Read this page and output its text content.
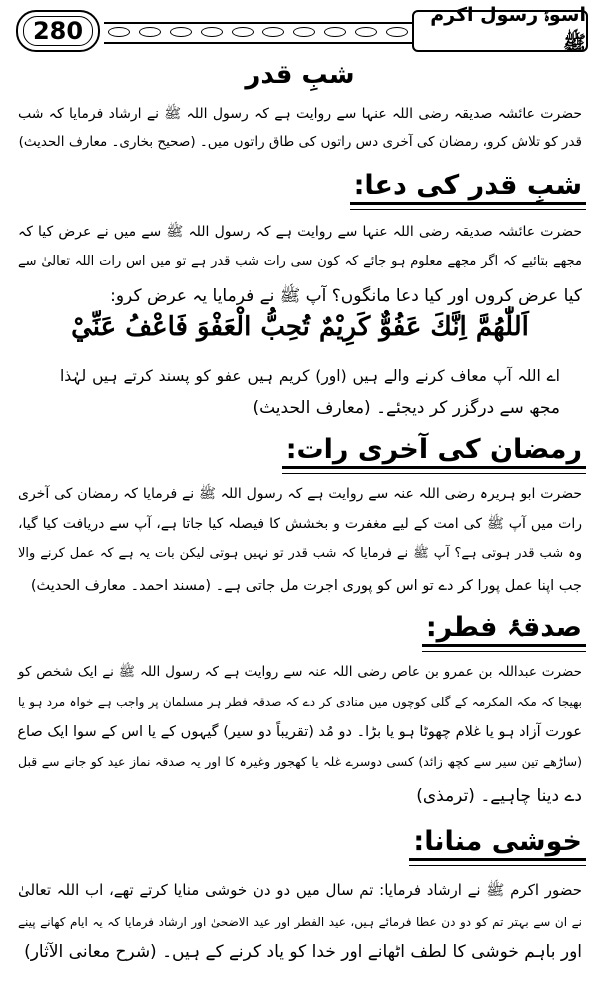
280
اسوۂ رسول اکرم ﷺ
شبِ قدر
حضرت عائشہ صدیقہ رضی اللہ عنہا سے روایت ہے کہ رسول اللہ ﷺ نے ارشاد فرمایا کہ شب
قدر کو تلاش کرو، رمضان کی آخری دس راتوں کی طاق راتوں میں۔ (صحیح بخاری۔ معارف الحدیث)
شبِ قدر کی دعا:
حضرت عائشہ صدیقہ رضی اللہ عنہا سے روایت ہے کہ رسول اللہ ﷺ سے میں نے عرض کیا کہ
مجھے بتائیے کہ اگر مجھے معلوم ہو جائے کہ کون سی رات شب قدر ہے تو میں اس رات اللہ تعالیٰ سے
کیا عرض کروں اور کیا دعا مانگوں؟ آپ ﷺ نے فرمایا یہ عرض کرو:
اَللّٰهُمَّ اِنَّكَ عَفُوٌّ كَرِيْمٌ تُحِبُّ الْعَفْوَ فَاعْفُ عَنِّيْ
اے اللہ آپ معاف کرنے والے ہیں (اور) کریم ہیں عفو کو پسند کرتے ہیں لہٰذا
مجھ سے درگزر کر دیجئے۔ (معارف الحدیث)
رمضان کی آخری رات:
حضرت ابو ہریرہ رضی اللہ عنہ سے روایت ہے کہ رسول اللہ ﷺ نے فرمایا کہ رمضان کی آخری
رات میں آپ ﷺ کی امت کے لیے مغفرت و بخشش کا فیصلہ کیا جاتا ہے، آپ سے دریافت کیا گیا،
وہ شب قدر ہوتی ہے؟ آپ ﷺ نے فرمایا کہ شب قدر تو نہیں ہوتی لیکن بات یہ ہے کہ عمل کرنے والا
جب اپنا عمل پورا کر دے تو اس کو پوری اجرت مل جاتی ہے۔ (مسند احمد۔ معارف الحدیث)
صدقۂ فطر:
حضرت عبداللہ بن عمرو بن عاص رضی اللہ عنہ سے روایت ہے کہ رسول اللہ ﷺ نے ایک شخص کو
بھیجا کہ مکہ المکرمہ کے گلی کوچوں میں منادی کر دے کہ صدقہ فطر ہر مسلمان پر واجب ہے خواہ مرد ہو یا
عورت آزاد ہو یا غلام چھوٹا ہو یا بڑا۔ دو مُد (تقریباً دو سیر) گیہوں کے یا اس کے سوا ایک صاع
(ساڑھے تین سیر سے کچھ زائد) کسی دوسرے غلہ یا کھجور وغیرہ کا اور یہ صدقہ نماز عید کو جانے سے قبل
دے دینا چاہیے۔ (ترمذی)
خوشی منانا:
حضور اکرم ﷺ نے ارشاد فرمایا: تم سال میں دو دن خوشی منایا کرتے تھے، اب اللہ تعالیٰ
نے ان سے بہتر تم کو دو دن عطا فرمائے ہیں، عید الفطر اور عید الاضحیٰ اور ارشاد فرمایا کہ یہ ایام کھانے پینے
اور باہم خوشی کا لطف اٹھانے اور خدا کو یاد کرنے کے ہیں۔ (شرح معانی الآثار)
